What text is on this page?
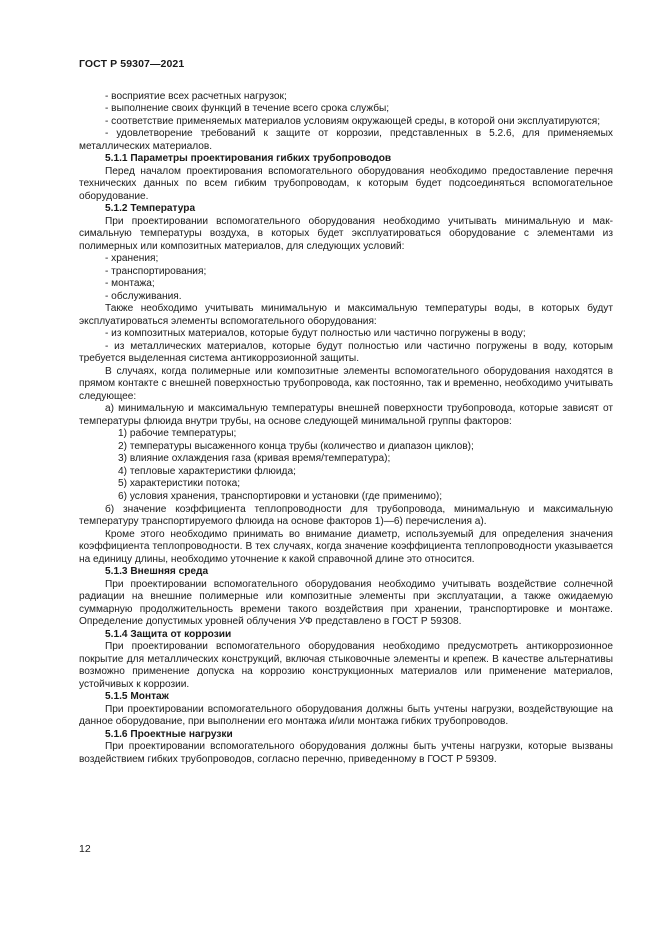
ГОСТ Р 59307—2021

- восприятие всех расчетных нагрузок;

- выполнение своих функций в течение всего срока службы;

- соответствие применяемых материалов условиям окружающей среды, в которой они эксплуатируются;

- удовлетворение требований к защите от коррозии, представленных в 5.2.6, для применяемых металлических материалов.

5.1.1 Параметры проектирования гибких трубопроводов

Перед началом проектирования вспомогательного оборудования необходимо предоставление перечня технических данных по всем гибким трубопроводам, к которым будет подсоединяться вспомогательное оборудование.

5.1.2 Температура

При проектировании вспомогательного оборудования необходимо учитывать минимальную и максимальную температуры воздуха, в которых будет эксплуатироваться оборудование с элементами из полимерных или композитных материалов, для следующих условий:

- хранения;

- транспортирования;

- монтажа;

- обслуживания.

Также необходимо учитывать минимальную и максимальную температуры воды, в которых будут эксплуатироваться элементы вспомогательного оборудования:

- из композитных материалов, которые будут полностью или частично погружены в воду;

- из металлических материалов, которые будут полностью или частично погружены в воду, которым требуется выделенная система антикоррозионной защиты.

В случаях, когда полимерные или композитные элементы вспомогательного оборудования находятся в прямом контакте с внешней поверхностью трубопровода, как постоянно, так и временно, необходимо учитывать следующее:

а) минимальную и максимальную температуры внешней поверхности трубопровода, которые зависят от температуры флюида внутри трубы, на основе следующей минимальной группы факторов:

1) рабочие температуры;

2) температуры высаженного конца трубы (количество и диапазон циклов);

3) влияние охлаждения газа (кривая время/температура);

4) тепловые характеристики флюида;

5) характеристики потока;

6) условия хранения, транспортировки и установки (где применимо);

б) значение коэффициента теплопроводности для трубопровода, минимальную и максимальную температуру транспортируемого флюида на основе факторов 1)—6) перечисления а).

Кроме этого необходимо принимать во внимание диаметр, используемый для определения значения коэффициента теплопроводности. В тех случаях, когда значение коэффициента теплопроводности указывается на единицу длины, необходимо уточнение к какой справочной длине это относится.

5.1.3 Внешняя среда

При проектировании вспомогательного оборудования необходимо учитывать воздействие солнечной радиации на внешние полимерные или композитные элементы при эксплуатации, а также ожидаемую суммарную продолжительность времени такого воздействия при хранении, транспортировке и монтаже. Определение допустимых уровней облучения УФ представлено в ГОСТ Р 59308.

5.1.4 Защита от коррозии

При проектировании вспомогательного оборудования необходимо предусмотреть антикоррозионное покрытие для металлических конструкций, включая стыковочные элементы и крепеж. В качестве альтернативы возможно применение допуска на коррозию конструкционных материалов или применение материалов, устойчивых к коррозии.

5.1.5 Монтаж

При проектировании вспомогательного оборудования должны быть учтены нагрузки, воздействующие на данное оборудование, при выполнении его монтажа и/или монтажа гибких трубопроводов.

5.1.6 Проектные нагрузки

При проектировании вспомогательного оборудования должны быть учтены нагрузки, которые вызваны воздействием гибких трубопроводов, согласно перечню, приведенному в ГОСТ Р 59309.

12
